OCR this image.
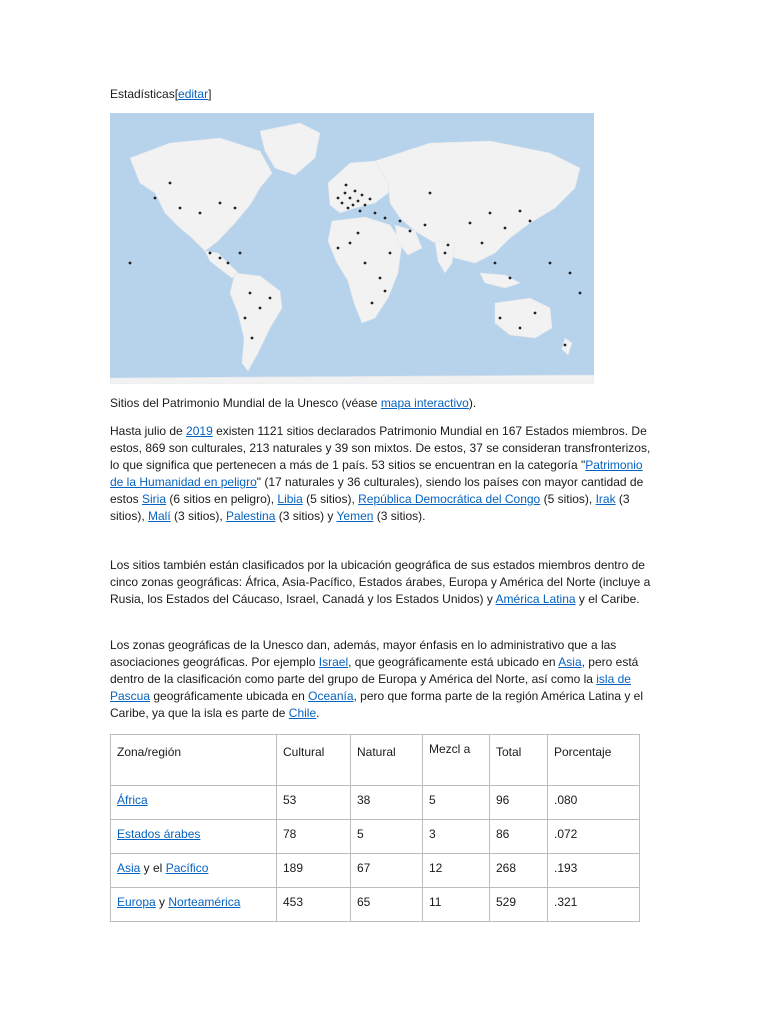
Estadísticas[editar]
Sitios del Patrimonio Mundial de la Unesco (véase mapa interactivo).

Hasta julio de 2019 existen 1121 sitios declarados Patrimonio Mundial en 167 Estados miembros. De estos, 869 son culturales, 213 naturales y 39 son mixtos. De estos, 37 se consideran transfronterizos, lo que significa que pertenecen a más de 1 país. 53 sitios se encuentran en la categoría "Patrimonio de la Humanidad en peligro" (17 naturales y 36 culturales), siendo los países con mayor cantidad de estos Siria (6 sitios en peligro), Libia (5 sitios), República Democrática del Congo (5 sitios), Irak (3 sitios), Malí (3 sitios), Palestina (3 sitios) y Yemen (3 sitios).

Los sitios también están clasificados por la ubicación geográfica de sus estados miembros dentro de cinco zonas geográficas: África, Asia-Pacífico, Estados árabes, Europa y América del Norte (incluye a Rusia, los Estados del Cáucaso, Israel, Canadá y los Estados Unidos) y América Latina y el Caribe.

Los zonas geográficas de la Unesco dan, además, mayor énfasis en lo administrativo que a las asociaciones geográficas. Por ejemplo Israel, que geográficamente está ubicado en Asia, pero está dentro de la clasificación como parte del grupo de Europa y América del Norte, así como la isla de Pascua geográficamente ubicada en Oceanía, pero que forma parte de la región América Latina y el Caribe, ya que la isla es parte de Chile.

Zona/región	Cultural	Natural	Mezcl a	Total	Porcentaje
África	53	38	5	96	.080
Estados árabes	78	5	3	86	.072
Asia y el Pacífico	189	67	12	268	.193
Europa y Norteamérica	453	65	11	529	.321
